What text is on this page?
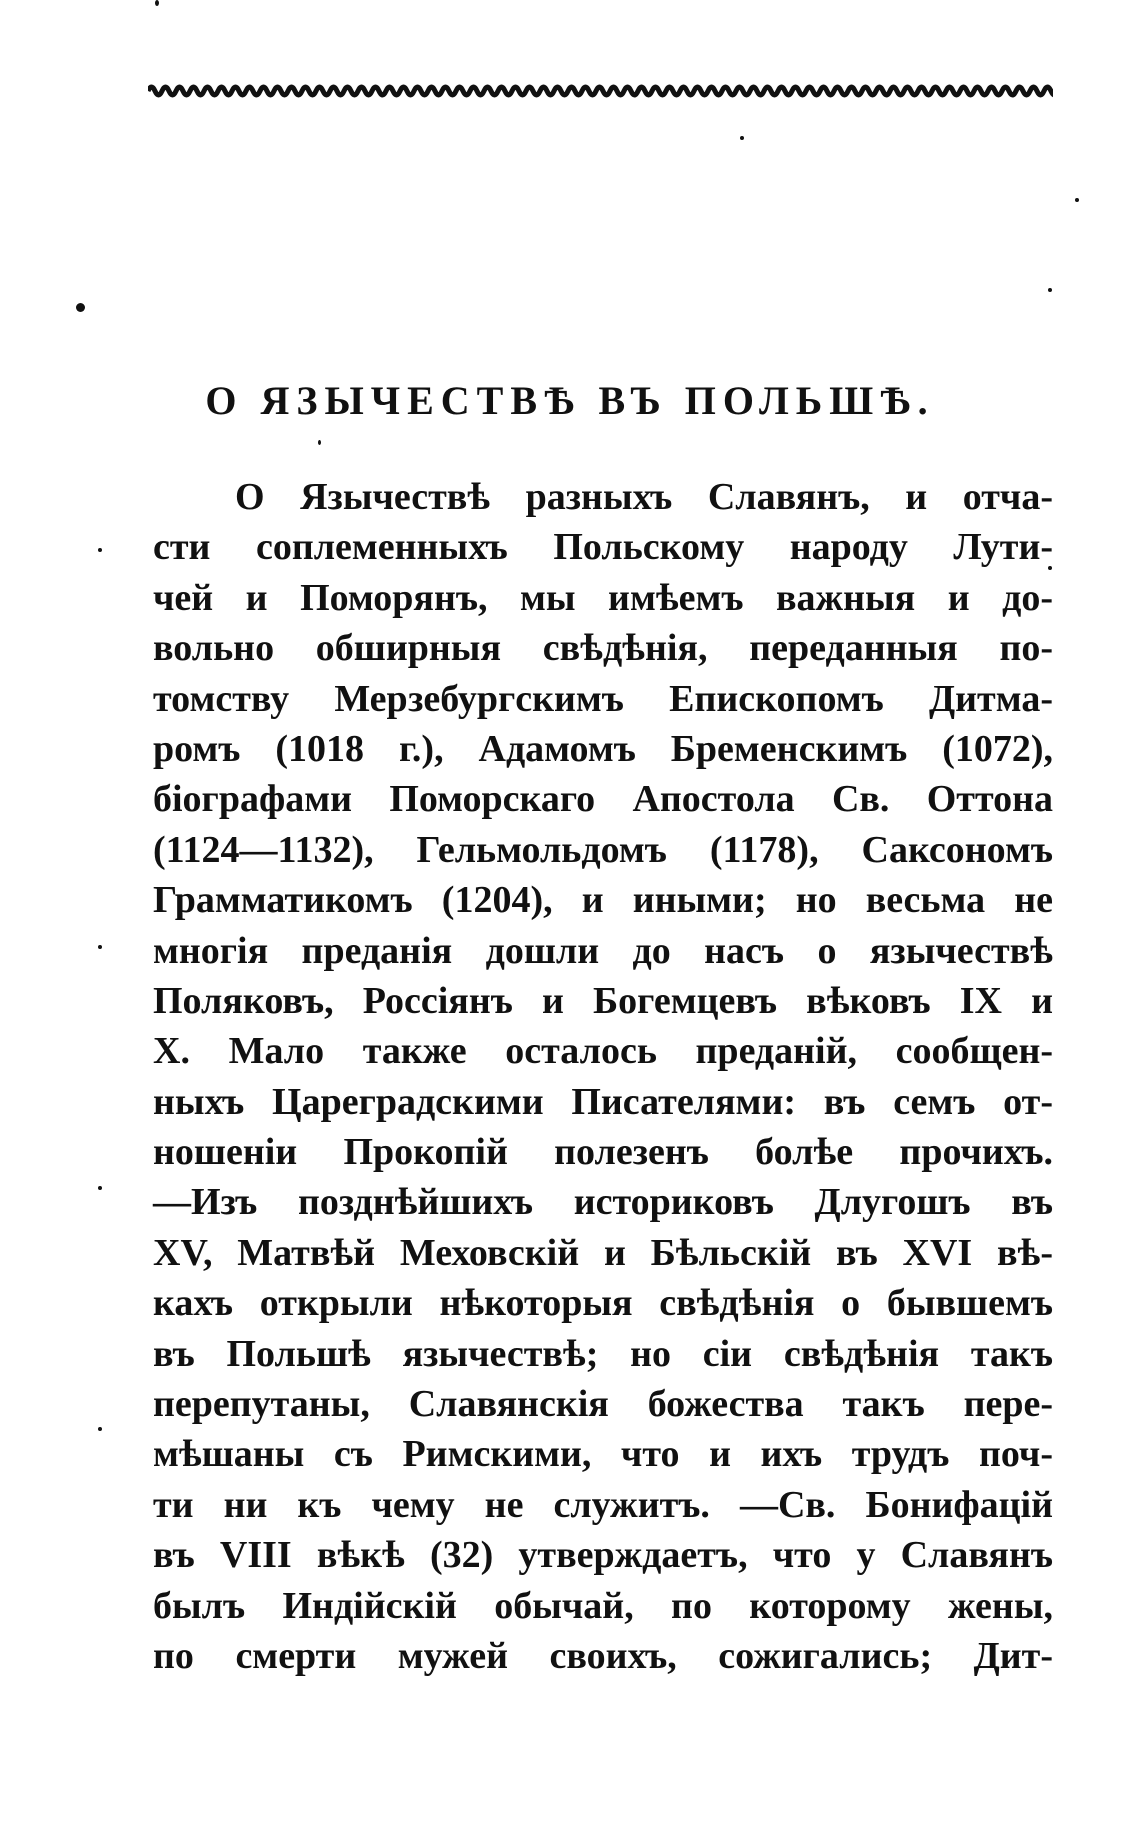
О ЯЗЫЧЕСТВѢ ВЪ ПОЛЬШѢ.
О Язычествѣ разныхъ Славянъ, и отча-
сти соплеменныхъ Польскому народу Лути-
чей и Поморянъ, мы имѣемъ важныя и до-
вольно обширныя свѣдѣнія, переданныя по-
томству Мерзебургскимъ Епископомъ Дитма-
ромъ (1018 г.), Адамомъ Бременскимъ (1072),
біографами Поморскаго Апостола Св. Оттона
(1124—1132), Гельмольдомъ (1178), Саксономъ
Грамматикомъ (1204), и иными; но весьма не
многія преданія дошли до насъ о язычествѣ
Поляковъ, Россіянъ и Богемцевъ вѣковъ IX и
X. Мало также осталось преданій, сообщен-
ныхъ Цареградскими Писателями: въ семъ от-
ношеніи Прокопій полезенъ болѣе прочихъ.
—Изъ позднѣйшихъ историковъ Длугошъ въ
XV, Матвѣй Меховскій и Бѣльскій въ XVI вѣ-
кахъ открыли нѣкоторыя свѣдѣнія о бывшемъ
въ Польшѣ язычествѣ; но сіи свѣдѣнія такъ
перепутаны, Славянскія божества такъ пере-
мѣшаны съ Римскими, что и ихъ трудъ поч-
ти ни къ чему не служитъ. —Св. Бонифацій
въ VIII вѣкѣ (32) утверждаетъ, что у Славянъ
былъ Индійскій обычай, по которому жены,
по смерти мужей своихъ, сожигались; Дит-
